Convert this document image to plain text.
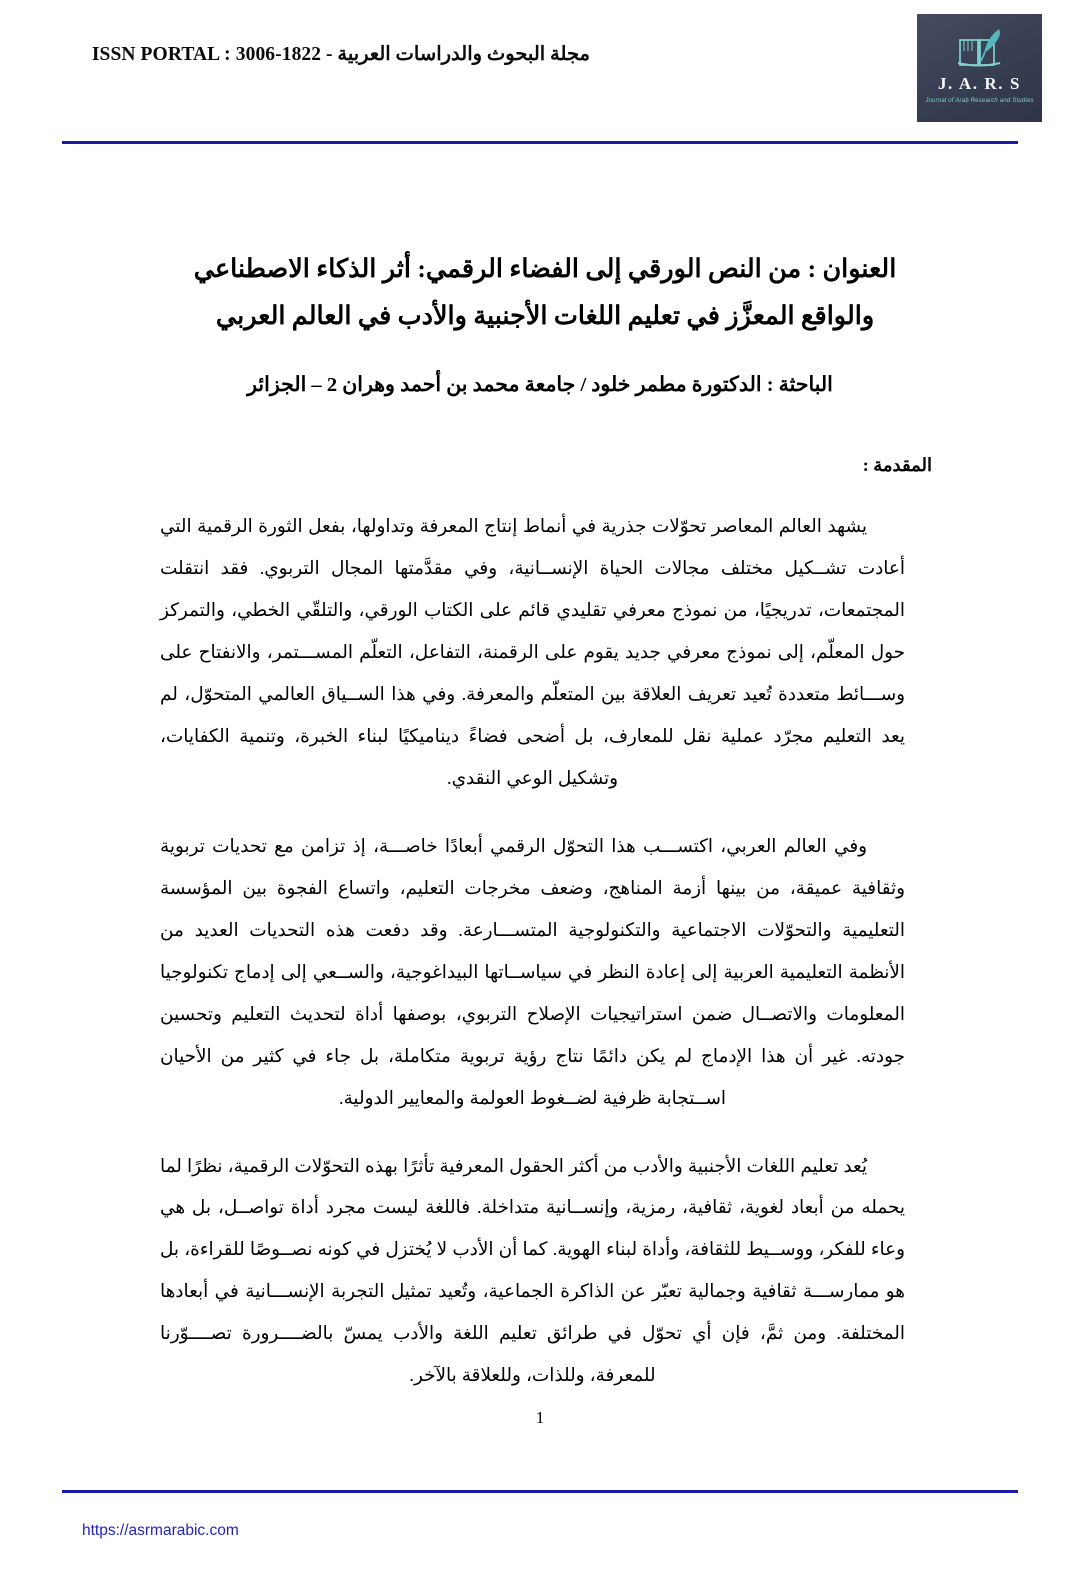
مجلة البحوث والدراسات العربية - ISSN PORTAL : 3006-1822
J. A. R. S
Journal of Arab Research and Studies
العنوان : من النص الورقي إلى الفضاء الرقمي: أثر الذكاء الاصطناعي والواقع المعزَّز في تعليم اللغات الأجنبية والأدب في العالم العربي

الباحثة : الدكتورة مطمر خلود / جامعة محمد بن أحمد وهران 2 – الجزائر

المقدمة :

يشهد العالم المعاصر تحوّلات جذرية في أنماط إنتاج المعرفة وتداولها، بفعل الثورة الرقمية التي أعادت تشــكيل مختلف مجالات الحياة الإنســانية، وفي مقدَّمتها المجال التربوي. فقد انتقلت المجتمعات، تدريجيًا، من نموذج معرفي تقليدي قائم على الكتاب الورقي، والتلقّي الخطي، والتمركز حول المعلّم، إلى نموذج معرفي جديد يقوم على الرقمنة، التفاعل، التعلّم المســـتمر، والانفتاح على وســـائط متعددة تُعيد تعريف العلاقة بين المتعلّم والمعرفة. وفي هذا الســياق العالمي المتحوّل، لم يعد التعليم مجرّد عملية نقل للمعارف، بل أضحى فضاءً ديناميكيًا لبناء الخبرة، وتنمية الكفايات، وتشكيل الوعي النقدي.

وفي العالم العربي، اكتســـب هذا التحوّل الرقمي أبعادًا خاصـــة، إذ تزامن مع تحديات تربوية وثقافية عميقة، من بينها أزمة المناهج، وضعف مخرجات التعليم، واتساع الفجوة بين المؤسسة التعليمية والتحوّلات الاجتماعية والتكنولوجية المتســـارعة. وقد دفعت هذه التحديات العديد من الأنظمة التعليمية العربية إلى إعادة النظر في سياســاتها البيداغوجية، والســعي إلى إدماج تكنولوجيا المعلومات والاتصــال ضمن استراتيجيات الإصلاح التربوي، بوصفها أداة لتحديث التعليم وتحسين جودته. غير أن هذا الإدماج لم يكن دائمًا نتاج رؤية تربوية متكاملة، بل جاء في كثير من الأحيان اســتجابة ظرفية لضــغوط العولمة والمعايير الدولية.

يُعد تعليم اللغات الأجنبية والأدب من أكثر الحقول المعرفية تأثرًا بهذه التحوّلات الرقمية، نظرًا لما يحمله من أبعاد لغوية، ثقافية، رمزية، وإنســانية متداخلة. فاللغة ليست مجرد أداة تواصــل، بل هي وعاء للفكر، ووســيط للثقافة، وأداة لبناء الهوية. كما أن الأدب لا يُختزل في كونه نصــوصًا للقراءة، بل هو ممارســـة ثقافية وجمالية تعبّر عن الذاكرة الجماعية، وتُعيد تمثيل التجربة الإنســـانية في أبعادها المختلفة. ومن ثمَّ، فإن أي تحوّل في طرائق تعليم اللغة والأدب يمسّ بالضــــرورة تصــــوّرنا للمعرفة، وللذات، وللعلاقة بالآخر.

1
https://asrmarabic.com
